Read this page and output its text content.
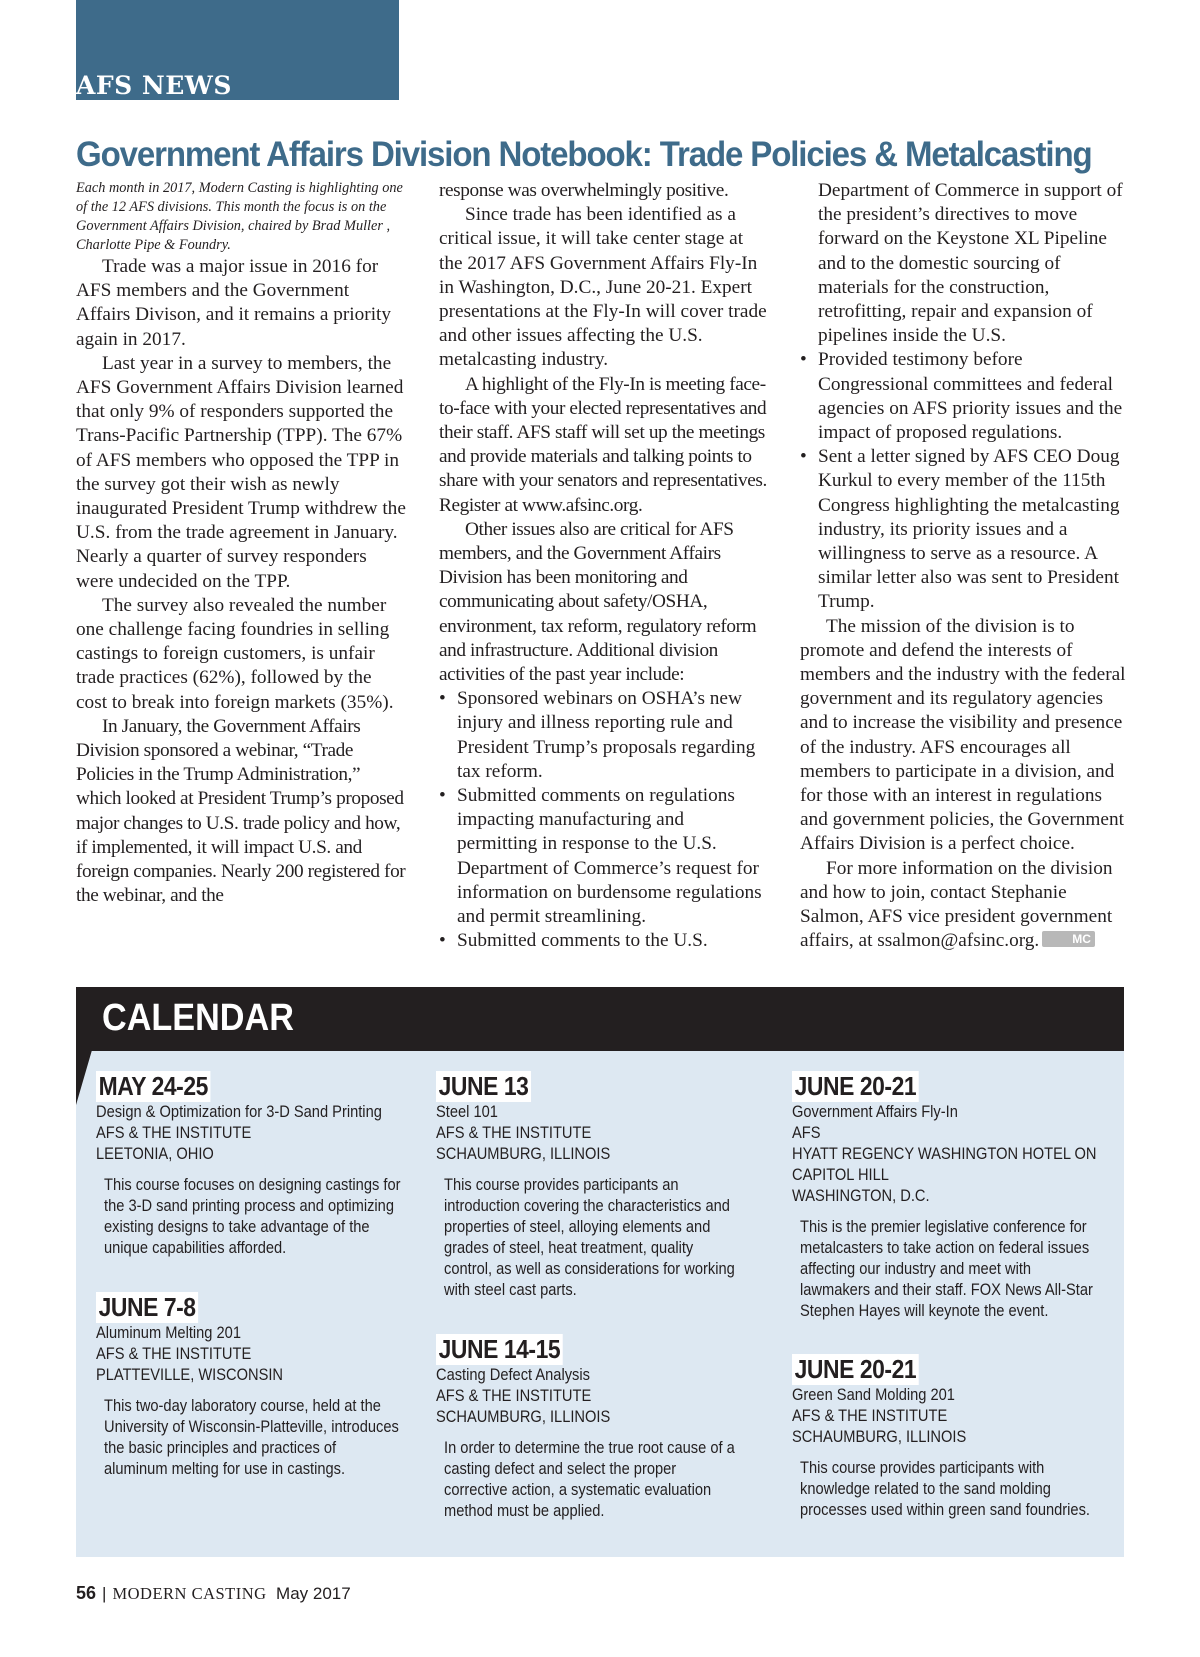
AFS NEWS
Government Affairs Division Notebook: Trade Policies & Metalcasting

Each month in 2017, Modern Casting is highlighting one of the 12 AFS divisions. This month the focus is on the Government Affairs Division, chaired by Brad Muller , Charlotte Pipe & Foundry.

Trade was a major issue in 2016 for AFS members and the Government Affairs Divison, and it remains a priority again in 2017.

Last year in a survey to members, the AFS Government Affairs Division learned that only 9% of responders supported the Trans-Pacific Partnership (TPP). The 67% of AFS members who opposed the TPP in the survey got their wish as newly inaugurated President Trump withdrew the U.S. from the trade agreement in January. Nearly a quarter of survey responders were undecided on the TPP.

The survey also revealed the number one challenge facing foundries in selling castings to foreign customers, is unfair trade practices (62%), followed by the cost to break into foreign markets (35%).

In January, the Government Affairs Division sponsored a webinar, “Trade Policies in the Trump Administration,” which looked at President Trump’s proposed major changes to U.S. trade policy and how, if implemented, it will impact U.S. and foreign companies. Nearly 200 registered for the webinar, and the

response was overwhelmingly positive.

Since trade has been identified as a critical issue, it will take center stage at the 2017 AFS Government Affairs Fly-In in Washington, D.C., June 20-21. Expert presentations at the Fly-In will cover trade and other issues affecting the U.S. metalcasting industry.

A highlight of the Fly-In is meeting face-to-face with your elected representatives and their staff. AFS staff will set up the meetings and provide materials and talking points to share with your senators and representatives. Register at www.afsinc.org.

Other issues also are critical for AFS members, and the Government Affairs Division has been monitoring and communicating about safety/OSHA, environment, tax reform, regulatory reform and infrastructure. Additional division activities of the past year include:

• Sponsored webinars on OSHA’s new injury and illness reporting rule and President Trump’s proposals regarding tax reform.
• Submitted comments on regulations impacting manufacturing and permitting in response to the U.S. Department of Commerce’s request for information on burdensome regulations and permit streamlining.
• Submitted comments to the U.S.

Department of Commerce in support of the president’s directives to move forward on the Keystone XL Pipeline and to the domestic sourcing of materials for the construction, retrofitting, repair and expansion of pipelines inside the U.S.

• Provided testimony before Congressional committees and federal agencies on AFS priority issues and the impact of proposed regulations.
• Sent a letter signed by AFS CEO Doug Kurkul to every member of the 115th Congress highlighting the metalcasting industry, its priority issues and a willingness to serve as a resource. A similar letter also was sent to President Trump.

The mission of the division is to promote and defend the interests of members and the industry with the federal government and its regulatory agencies and to increase the visibility and presence of the industry. AFS encourages all members to participate in a division, and for those with an interest in regulations and government policies, the Government Affairs Division is a perfect choice.

For more information on the division and how to join, contact Stephanie Salmon, AFS vice president government affairs, at ssalmon@afsinc.org.	MC

CALENDAR
MAY 24-25

Design & Optimization for 3-D Sand Printing

AFS & THE INSTITUTE

LEETONIA, OHIO

This course focuses on designing castings for the 3-D sand printing process and optimizing existing designs to take advantage of the unique capabilities afforded.

JUNE 7-8

Aluminum Melting 201

AFS & THE INSTITUTE

PLATTEVILLE, WISCONSIN

This two-day laboratory course, held at the University of Wisconsin-Platteville, introduces the basic principles and practices of aluminum melting for use in castings.

JUNE 13

Steel 101

AFS & THE INSTITUTE

SCHAUMBURG, ILLINOIS

This course provides participants an introduction covering the characteristics and properties of steel, alloying elements and grades of steel, heat treatment, quality control, as well as considerations for working with steel cast parts.

JUNE 14-15

Casting Defect Analysis

AFS & THE INSTITUTE

SCHAUMBURG, ILLINOIS

In order to determine the true root cause of a casting defect and select the proper corrective action, a systematic evaluation method must be applied.

JUNE 20-21

Government Affairs Fly-In

AFS

HYATT REGENCY WASHINGTON HOTEL ON

CAPITOL HILL

WASHINGTON, D.C.

This is the premier legislative conference for metalcasters to take action on federal issues affecting our industry and meet with lawmakers and their staff. FOX News All-Star Stephen Hayes will keynote the event.

JUNE 20-21

Green Sand Molding 201

AFS & THE INSTITUTE

SCHAUMBURG, ILLINOIS

This course provides participants with knowledge related to the sand molding processes used within green sand foundries.

56 | MODERN CASTING May 2017
